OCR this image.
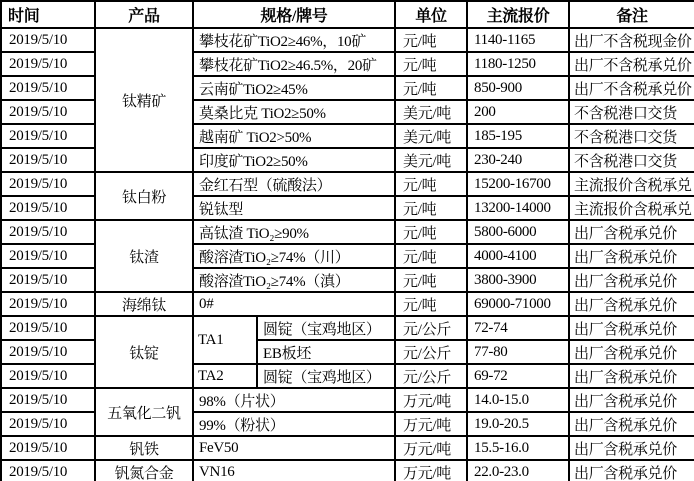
时间	产品	规格/牌号		单位	主流报价	备注
2019/5/10	钛精矿	攀枝花矿TiO2≥46%，10矿		元/吨	1140-1165	出厂不含税现金价
2019/5/10		攀枝花矿TiO2≥46.5%，20矿		元/吨	1180-1250	出厂不含税承兑价
2019/5/10		云南矿TiO2≥45%		元/吨	850-900	出厂不含税承兑价
2019/5/10		莫桑比克 TiO2≥50%		美元/吨	200	不含税港口交货
2019/5/10		越南矿 TiO2>50%		美元/吨	185-195	不含税港口交货
2019/5/10		印度矿TiO2≥50%		美元/吨	230-240	不含税港口交货
2019/5/10	钛白粉	金红石型（硫酸法）		元/吨	15200-16700	主流报价含税承兑
2019/5/10		锐钛型		元/吨	13200-14000	主流报价含税承兑
2019/5/10	钛渣	高钛渣 TiO₂≥90%		元/吨	5800-6000	出厂含税承兑价
2019/5/10		酸溶渣TiO₂≥74%（川）		元/吨	4000-4100	出厂含税承兑价
2019/5/10		酸溶渣TiO₂≥74%（滇）		元/吨	3800-3900	出厂含税承兑价
2019/5/10	海绵钛	0#		元/吨	69000-71000	出厂含税承兑价
2019/5/10	钛锭	TA1	圆锭（宝鸡地区）	元/公斤	72-74	出厂含税承兑价
2019/5/10			EB板坯	元/公斤	77-80	出厂含税承兑价
2019/5/10		TA2	圆锭（宝鸡地区）	元/公斤	69-72	出厂含税承兑价
2019/5/10	五氧化二钒	98%（片状）		万元/吨	14.0-15.0	出厂含税承兑价
2019/5/10		99%（粉状）		万元/吨	19.0-20.5	出厂含税承兑价
2019/5/10	钒铁	FeV50		万元/吨	15.5-16.0	出厂含税承兑价
2019/5/10	钒氮合金	VN16		万元/吨	22.0-23.0	出厂含税承兑价
